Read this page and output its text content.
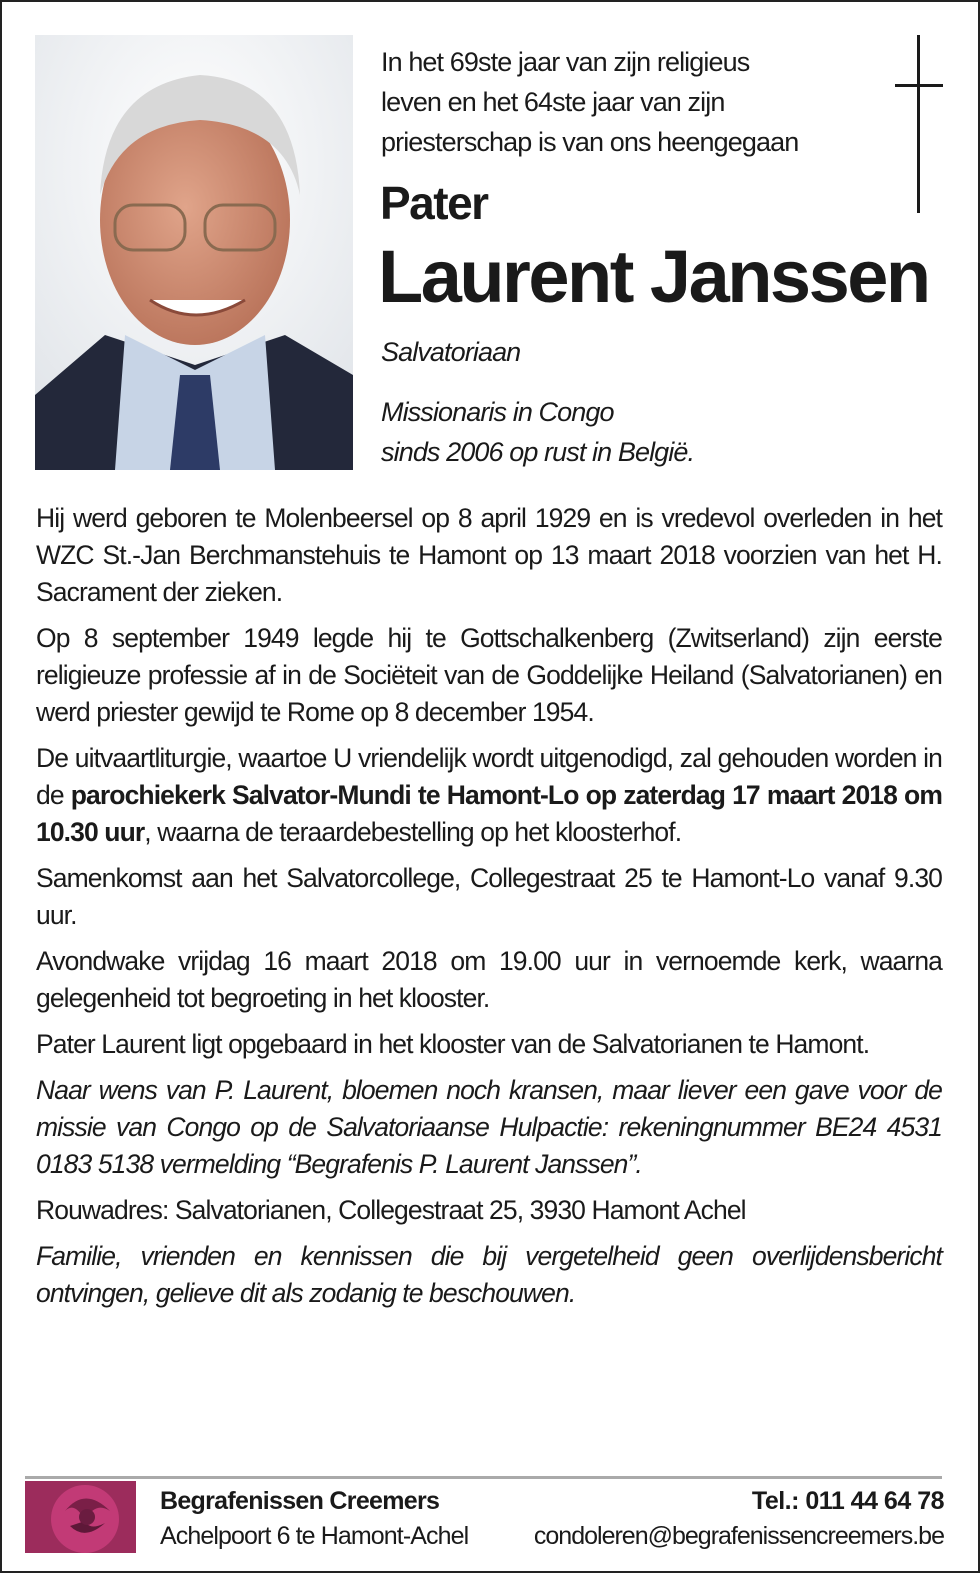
In het 69ste jaar van zijn religieus
leven en het 64ste jaar van zijn
priesterschap is van ons heengegaan
Pater
Laurent Janssen
Salvatoriaan
Missionaris in Congo
sinds 2006 op rust in België.

Hij werd geboren te Molenbeersel op 8 april 1929 en is vredevol overleden in het WZC St.-Jan Berchmanstehuis te Hamont op 13 maart 2018 voorzien van het H. Sacrament der zieken.

Op 8 september 1949 legde hij te Gottschalkenberg (Zwitserland) zijn eerste religieuze professie af in de Sociëteit van de Goddelijke Heiland (Salvatorianen) en werd priester gewijd te Rome op 8 december 1954.

De uitvaartliturgie, waartoe U vriendelijk wordt uitgenodigd, zal gehouden worden in de parochiekerk Salvator-Mundi te Hamont-Lo op zaterdag 17 maart 2018 om 10.30 uur, waarna de teraardebestelling op het kloosterhof.

Samenkomst aan het Salvatorcollege, Collegestraat 25 te Hamont-Lo vanaf 9.30 uur.

Avondwake vrijdag 16 maart 2018 om 19.00 uur in vernoemde kerk, waarna gelegenheid tot begroeting in het klooster.

Pater Laurent ligt opgebaard in het klooster van de Salvatorianen te Hamont.

Naar wens van P. Laurent, bloemen noch kransen, maar liever een gave voor de missie van Congo op de Salvatoriaanse Hulpactie: rekeningnummer BE24 4531 0183 5138 vermelding “Begrafenis P. Laurent Janssen”.

Rouwadres: Salvatorianen, Collegestraat 25, 3930 Hamont Achel

Familie, vrienden en kennissen die bij vergetelheid geen overlijdensbericht ontvingen, gelieve dit als zodanig te beschouwen.

Begrafenissen Creemers
Achelpoort 6 te Hamont-Achel
Tel.: 011 44 64 78
condoleren@begrafenissencreemers.be
